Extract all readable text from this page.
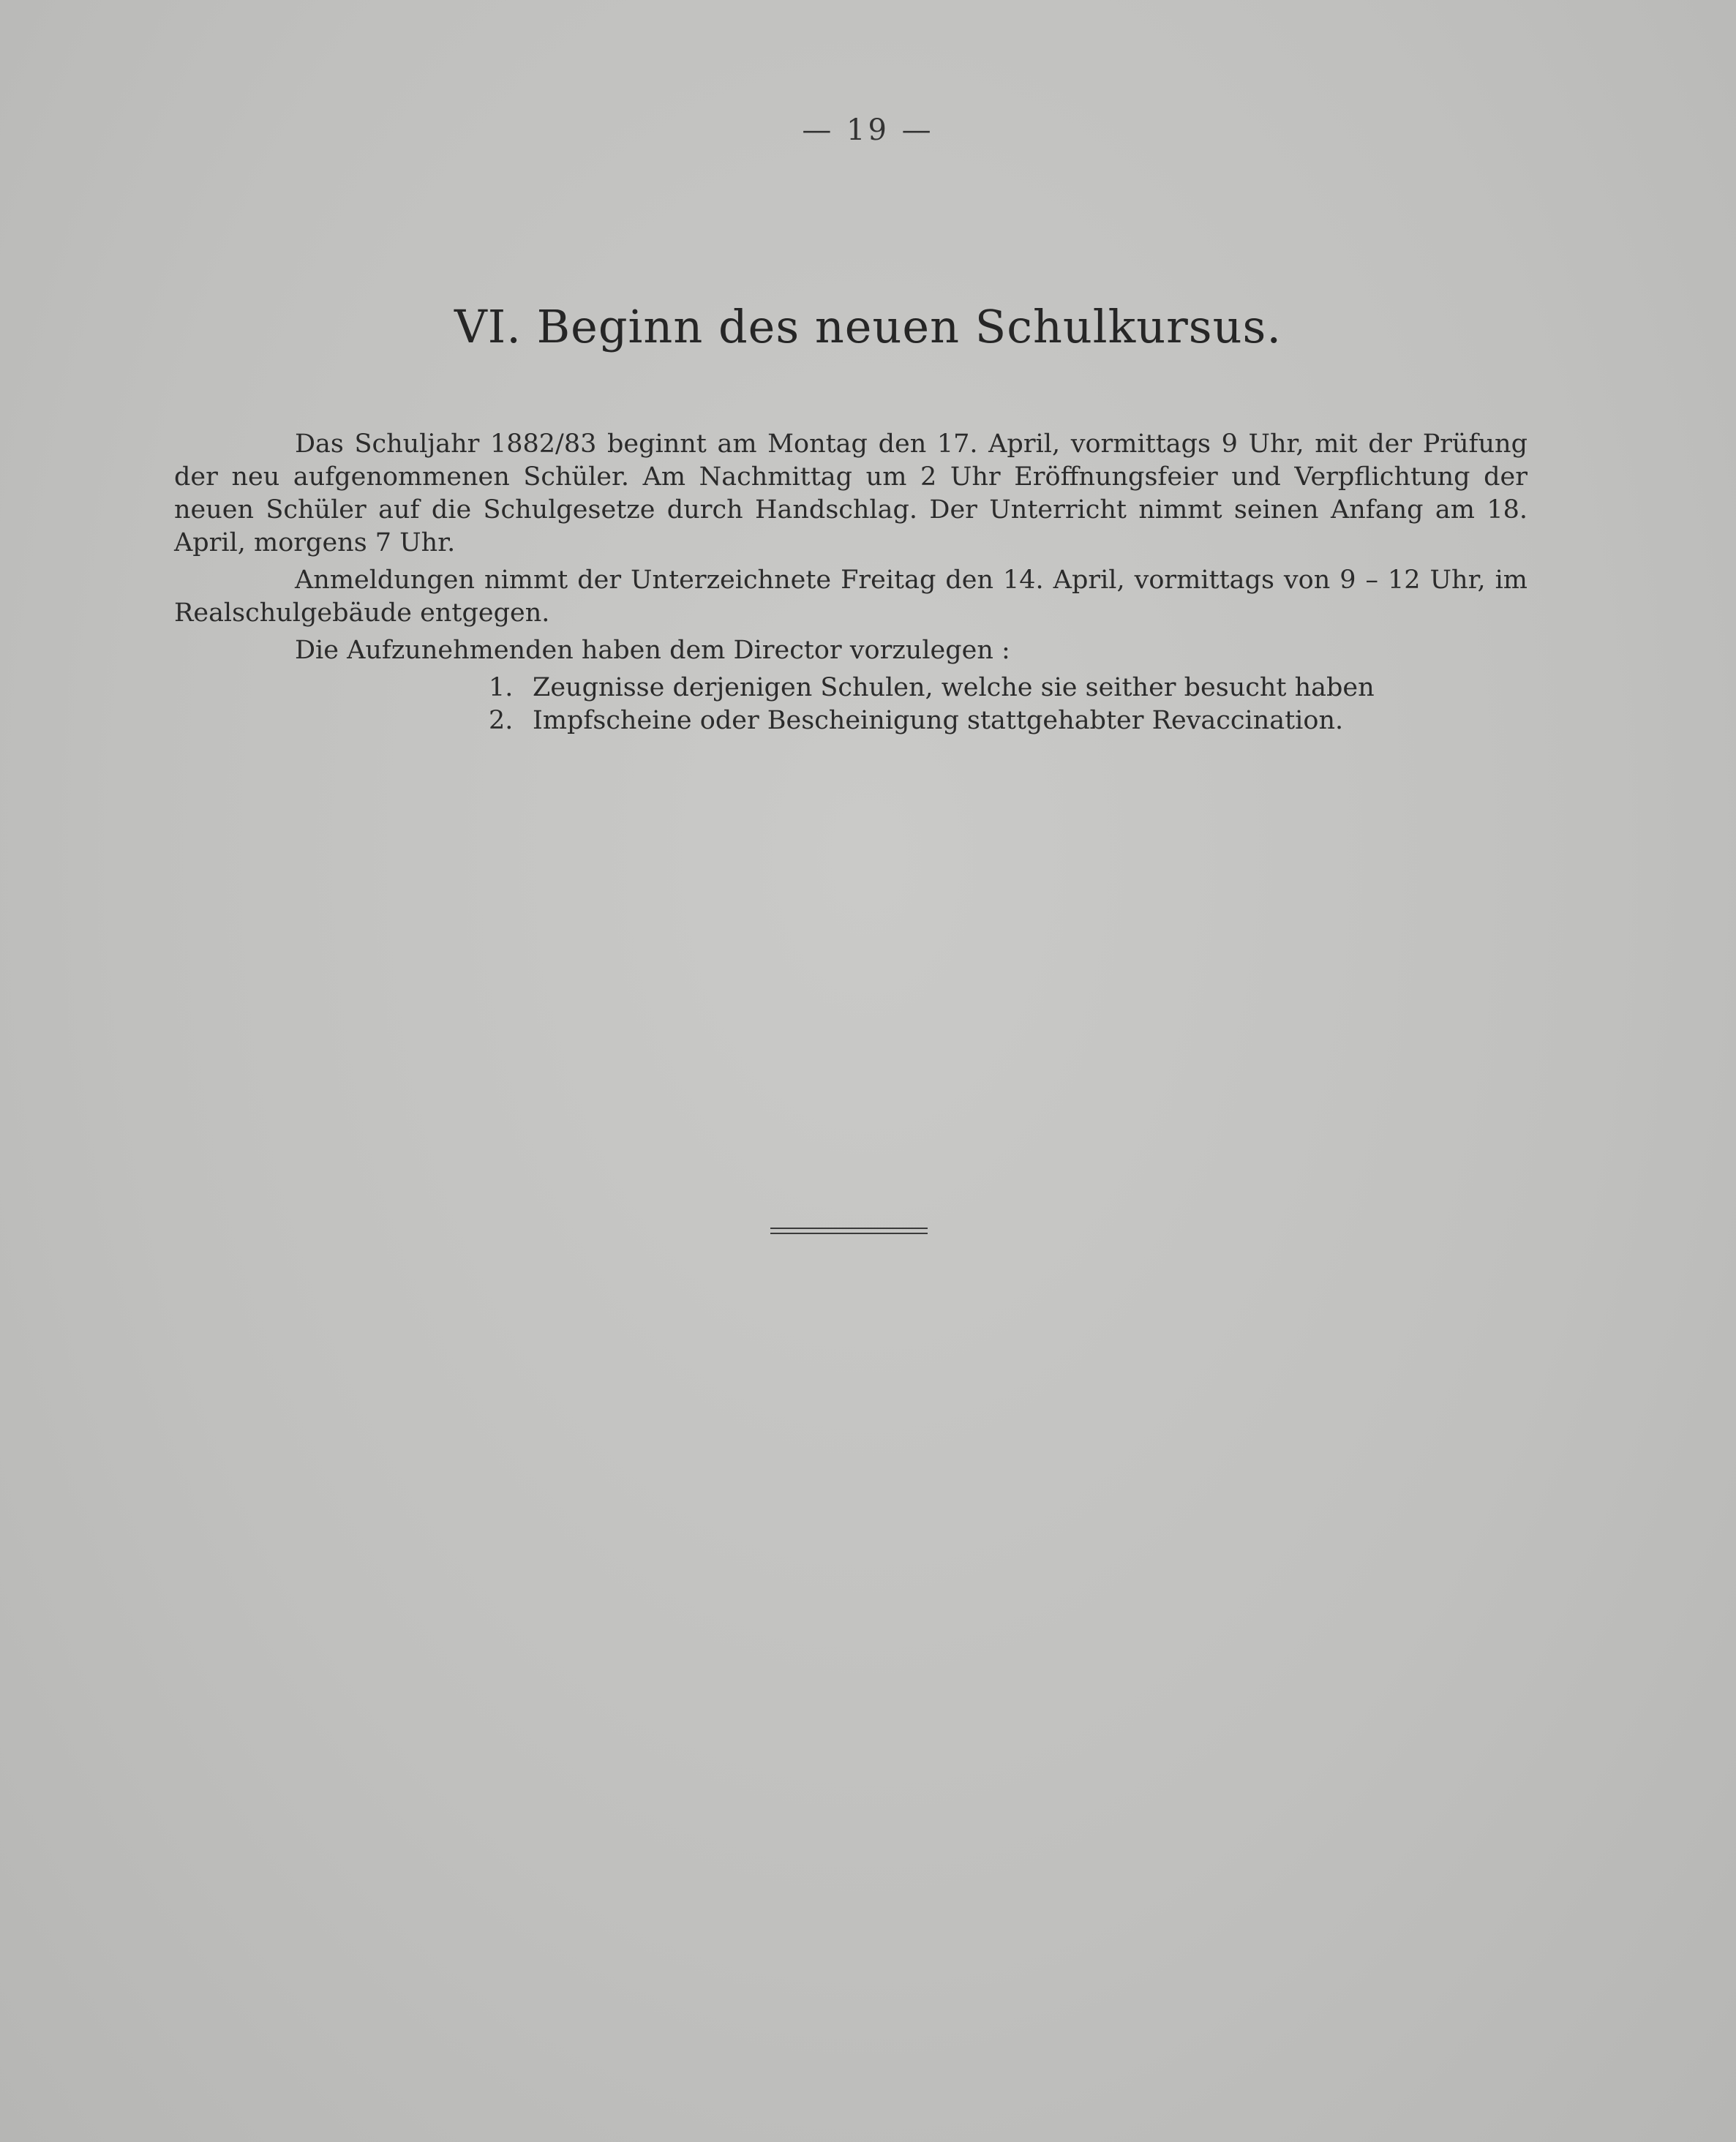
— 19 —
VI. Beginn des neuen Schulkursus.

Das Schuljahr 1882/83 beginnt am Montag den 17. April, vormittags 9 Uhr, mit der Prüfung der neu aufgenommenen Schüler. Am Nachmittag um 2 Uhr Eröffnungsfeier und Verpflichtung der neuen Schüler auf die Schulgesetze durch Handschlag. Der Unterricht nimmt seinen Anfang am 18. April, morgens 7 Uhr.

Anmeldungen nimmt der Unterzeichnete Freitag den 14. April, vormittags von 9 – 12 Uhr, im Realschulgebäude entgegen.

Die Aufzunehmenden haben dem Director vorzulegen :

1. Zeugnisse derjenigen Schulen, welche sie seither besucht haben
2. Impfscheine oder Bescheinigung stattgehabter Revaccination.
